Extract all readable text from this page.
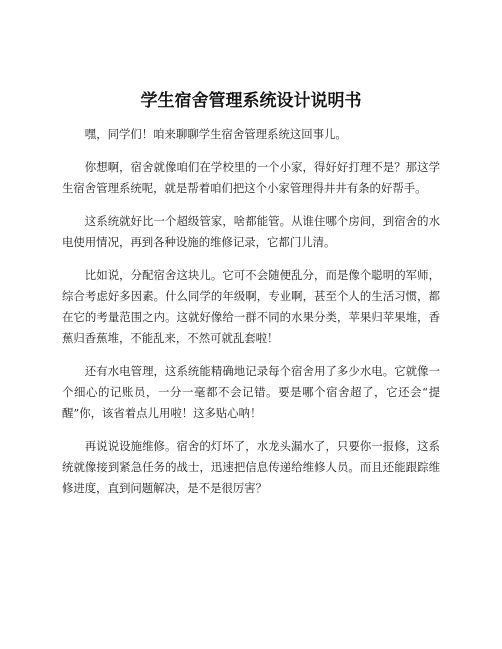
学生宿舍管理系统设计说明书

嘿，同学们！咱来聊聊学生宿舍管理系统这回事儿。

你想啊，宿舍就像咱们在学校里的一个小家，得好好打理不是？那这学生宿舍管理系统呢，就是帮着咱们把这个小家管理得井井有条的好帮手。

这系统就好比一个超级管家，啥都能管。从谁住哪个房间，到宿舍的水电使用情况，再到各种设施的维修记录，它都门儿清。

比如说，分配宿舍这块儿。它可不会随便乱分，而是像个聪明的军师，综合考虑好多因素。什么同学的年级啊，专业啊，甚至个人的生活习惯，都在它的考量范围之内。这就好像给一群不同的水果分类，苹果归苹果堆，香蕉归香蕉堆，不能乱来，不然可就乱套啦！

还有水电管理，这系统能精确地记录每个宿舍用了多少水电。它就像一个细心的记账员，一分一毫都不会记错。要是哪个宿舍超了，它还会“提醒”你，该省着点儿用啦！这多贴心呐！

再说说设施维修。宿舍的灯坏了，水龙头漏水了，只要你一报修，这系统就像接到紧急任务的战士，迅速把信息传递给维修人员。而且还能跟踪维修进度，直到问题解决，是不是很厉害？
